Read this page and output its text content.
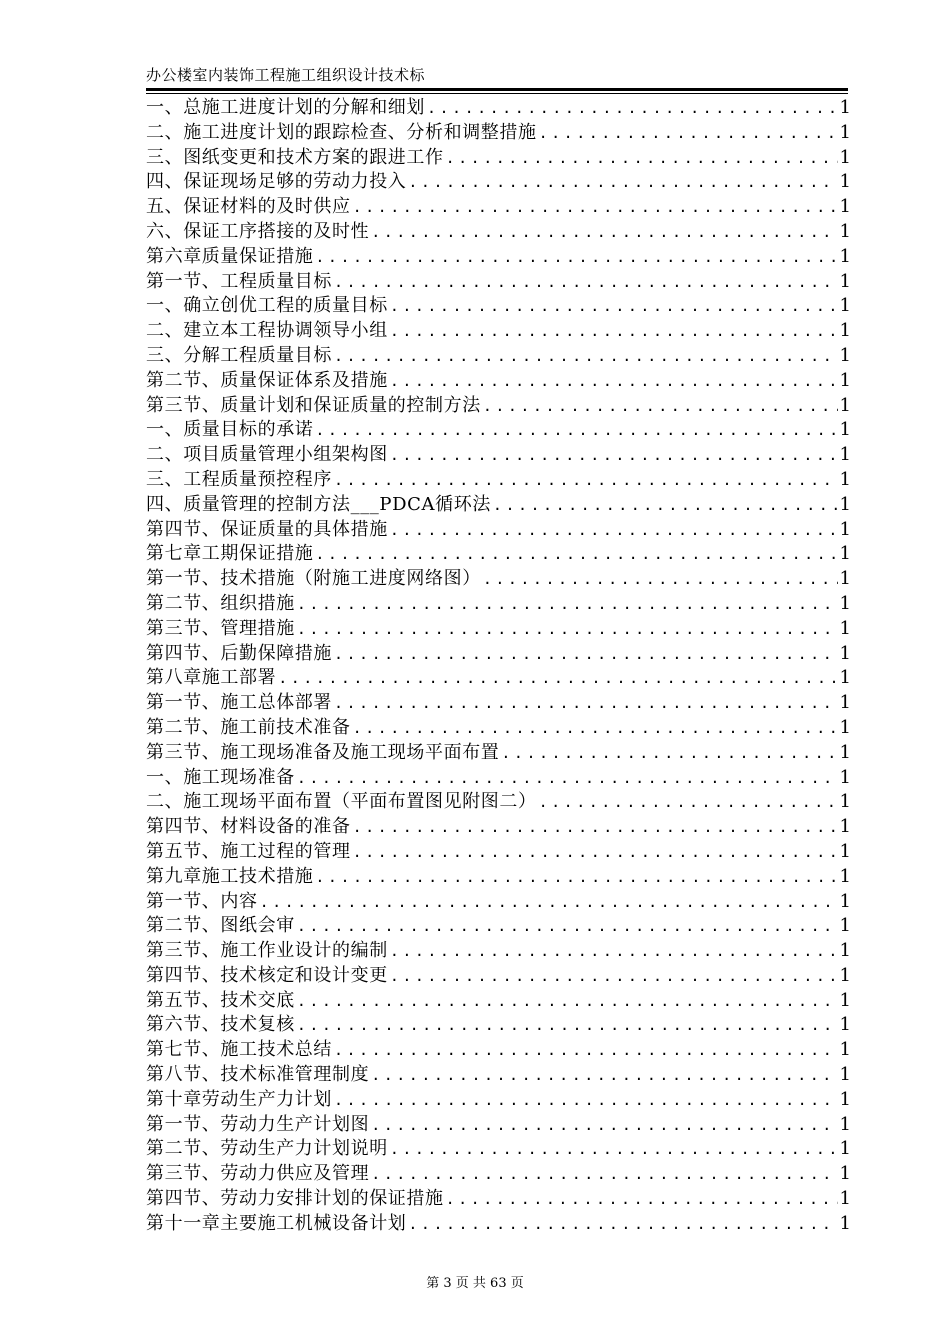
办公楼室内装饰工程施工组织设计技术标
一、总施工进度计划的分解和细划 .....	1
二、施工进度计划的跟踪检查、分析和调整措施 .....	1
三、图纸变更和技术方案的跟进工作 .....	1
四、保证现场足够的劳动力投入 .....	1
五、保证材料的及时供应 .....	1
六、保证工序搭接的及时性 .....	1
第六章质量保证措施 .....	1
第一节、工程质量目标 .....	1
一、确立创优工程的质量目标 .....	1
二、建立本工程协调领导小组 .....	1
三、分解工程质量目标 .....	1
第二节、质量保证体系及措施 .....	1
第三节、质量计划和保证质量的控制方法 .....	1
一、质量目标的承诺 .....	1
二、项目质量管理小组架构图 .....	1
三、工程质量预控程序 .....	1
四、质量管理的控制方法___PDCA循环法 .....	1
第四节、保证质量的具体措施 .....	1
第七章工期保证措施 .....	1
第一节、技术措施（附施工进度网络图） .....	1
第二节、组织措施 .....	1
第三节、管理措施 .....	1
第四节、后勤保障措施 .....	1
第八章施工部署 .....	1
第一节、施工总体部署 .....	1
第二节、施工前技术准备 .....	1
第三节、施工现场准备及施工现场平面布置 .....	1
一、施工现场准备 .....	1
二、施工现场平面布置（平面布置图见附图二） .....	1
第四节、材料设备的准备 .....	1
第五节、施工过程的管理 .....	1
第九章施工技术措施 .....	1
第一节、内容 .....	1
第二节、图纸会审 .....	1
第三节、施工作业设计的编制 .....	1
第四节、技术核定和设计变更 .....	1
第五节、技术交底 .....	1
第六节、技术复核 .....	1
第七节、施工技术总结 .....	1
第八节、技术标准管理制度 .....	1
第十章劳动生产力计划 .....	1
第一节、劳动力生产计划图 .....	1
第二节、劳动生产力计划说明 .....	1
第三节、劳动力供应及管理 .....	1
第四节、劳动力安排计划的保证措施 .....	1
第十一章主要施工机械设备计划 .....	1
第 3 页 共 63 页
